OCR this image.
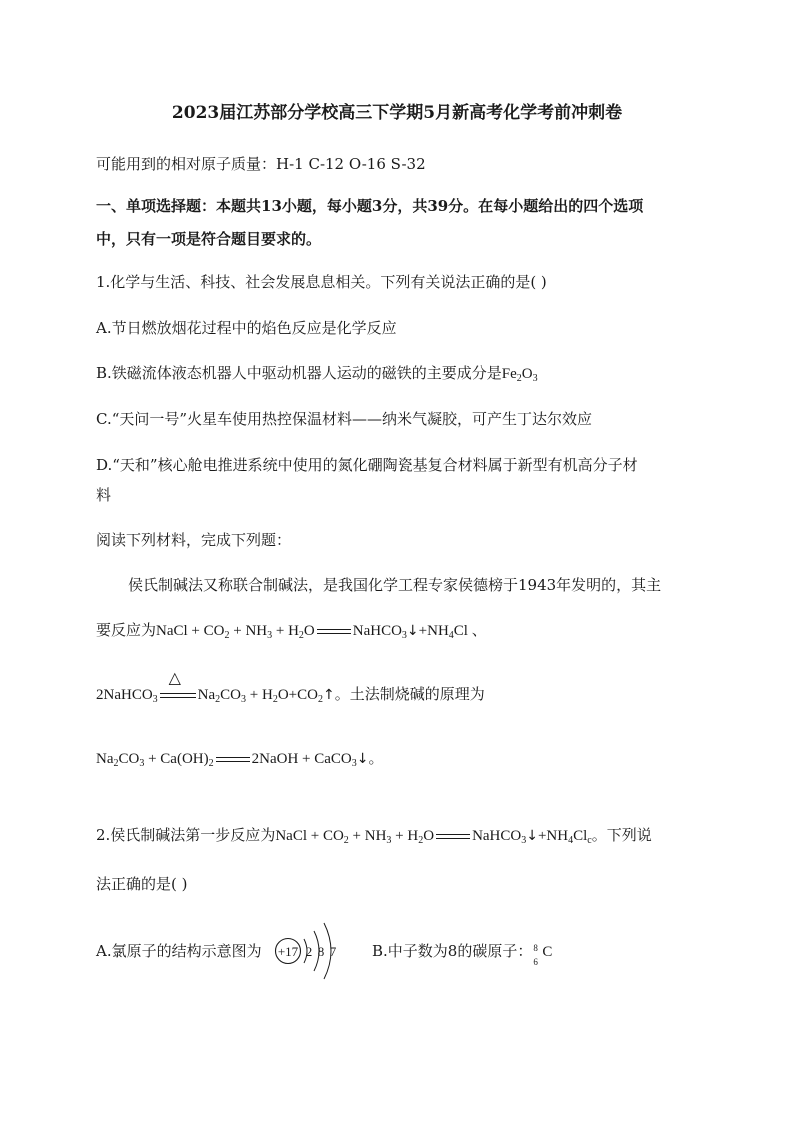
2023届江苏部分学校高三下学期5月新高考化学考前冲刺卷
可能用到的相对原子质量：H-1 C-12 O-16 S-32
一、单项选择题：本题共13小题，每小题3分，共39分。在每小题给出的四个选项
中，只有一项是符合题目要求的。
1.化学与生活、科技、社会发展息息相关。下列有关说法正确的是( )
A.节日燃放烟花过程中的焰色反应是化学反应
B.铁磁流体液态机器人中驱动机器人运动的磁铁的主要成分是$Fe_2O_3$
C.“天问一号”火星车使用热控保温材料——纳米气凝胶，可产生丁达尔效应
D.“天和”核心舱电推进系统中使用的氮化硼陶瓷基复合材料属于新型有机高分子材
料
阅读下列材料，完成下列题：
侯氏制碱法又称联合制碱法，是我国化学工程专家侯德榜于1943年发明的，其主
要反应为NaCl + $CO_2 + NH_3 + H_2O$	$NaHCO_3↓+NH_4Cl$ 、
2NaHCO$_3$
△
$Na_2CO_3$ + $H_2O+CO_2↑$。土法制烧碱的原理为
$Na_2CO_3 + Ca(OH)_2$	2NaOH + CaCO$_3$↓。
2.侯氏制碱法第一步反应为NaCl + $CO_2 + NH_3 + H_2O$	$NaHCO_3↓+NH_4Cl_c$。下列说
法正确的是( )
A.氯原子的结构示意图为 +17 2 8 7 B.中子数为8的碳原子： 8
6
C
